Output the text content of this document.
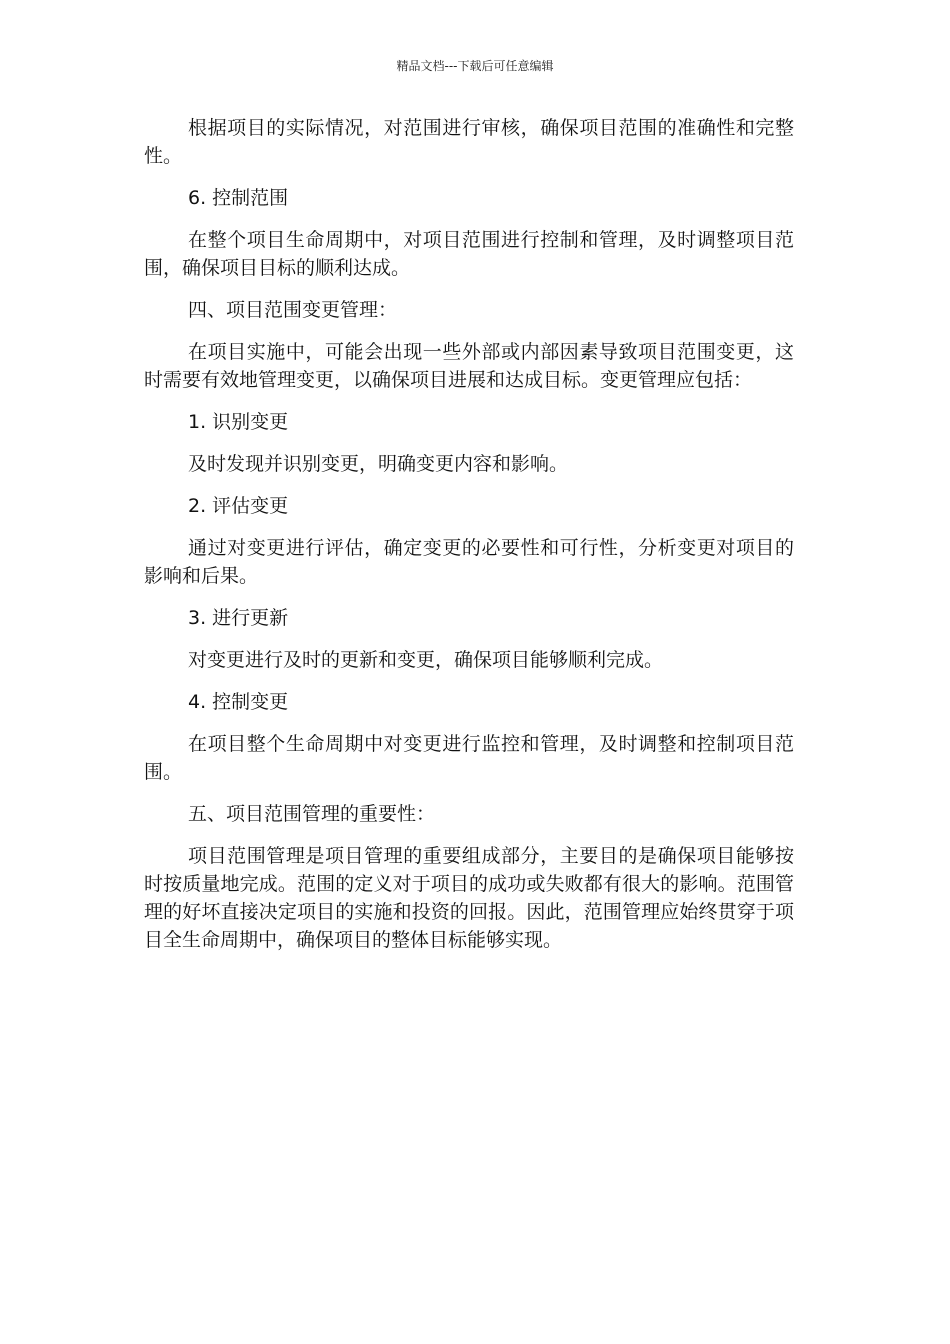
精品文档---下载后可任意编辑

根据项目的实际情况，对范围进行审核，确保项目范围的准确性和完整性。

6. 控制范围

在整个项目生命周期中，对项目范围进行控制和管理，及时调整项目范围，确保项目目标的顺利达成。

四、项目范围变更管理：

在项目实施中，可能会出现一些外部或内部因素导致项目范围变更，这时需要有效地管理变更，以确保项目进展和达成目标。变更管理应包括：

1. 识别变更

及时发现并识别变更，明确变更内容和影响。

2. 评估变更

通过对变更进行评估，确定变更的必要性和可行性，分析变更对项目的影响和后果。

3. 进行更新

对变更进行及时的更新和变更，确保项目能够顺利完成。

4. 控制变更

在项目整个生命周期中对变更进行监控和管理，及时调整和控制项目范围。

五、项目范围管理的重要性：

项目范围管理是项目管理的重要组成部分，主要目的是确保项目能够按时按质量地完成。范围的定义对于项目的成功或失败都有很大的影响。范围管理的好坏直接决定项目的实施和投资的回报。因此，范围管理应始终贯穿于项目全生命周期中，确保项目的整体目标能够实现。
